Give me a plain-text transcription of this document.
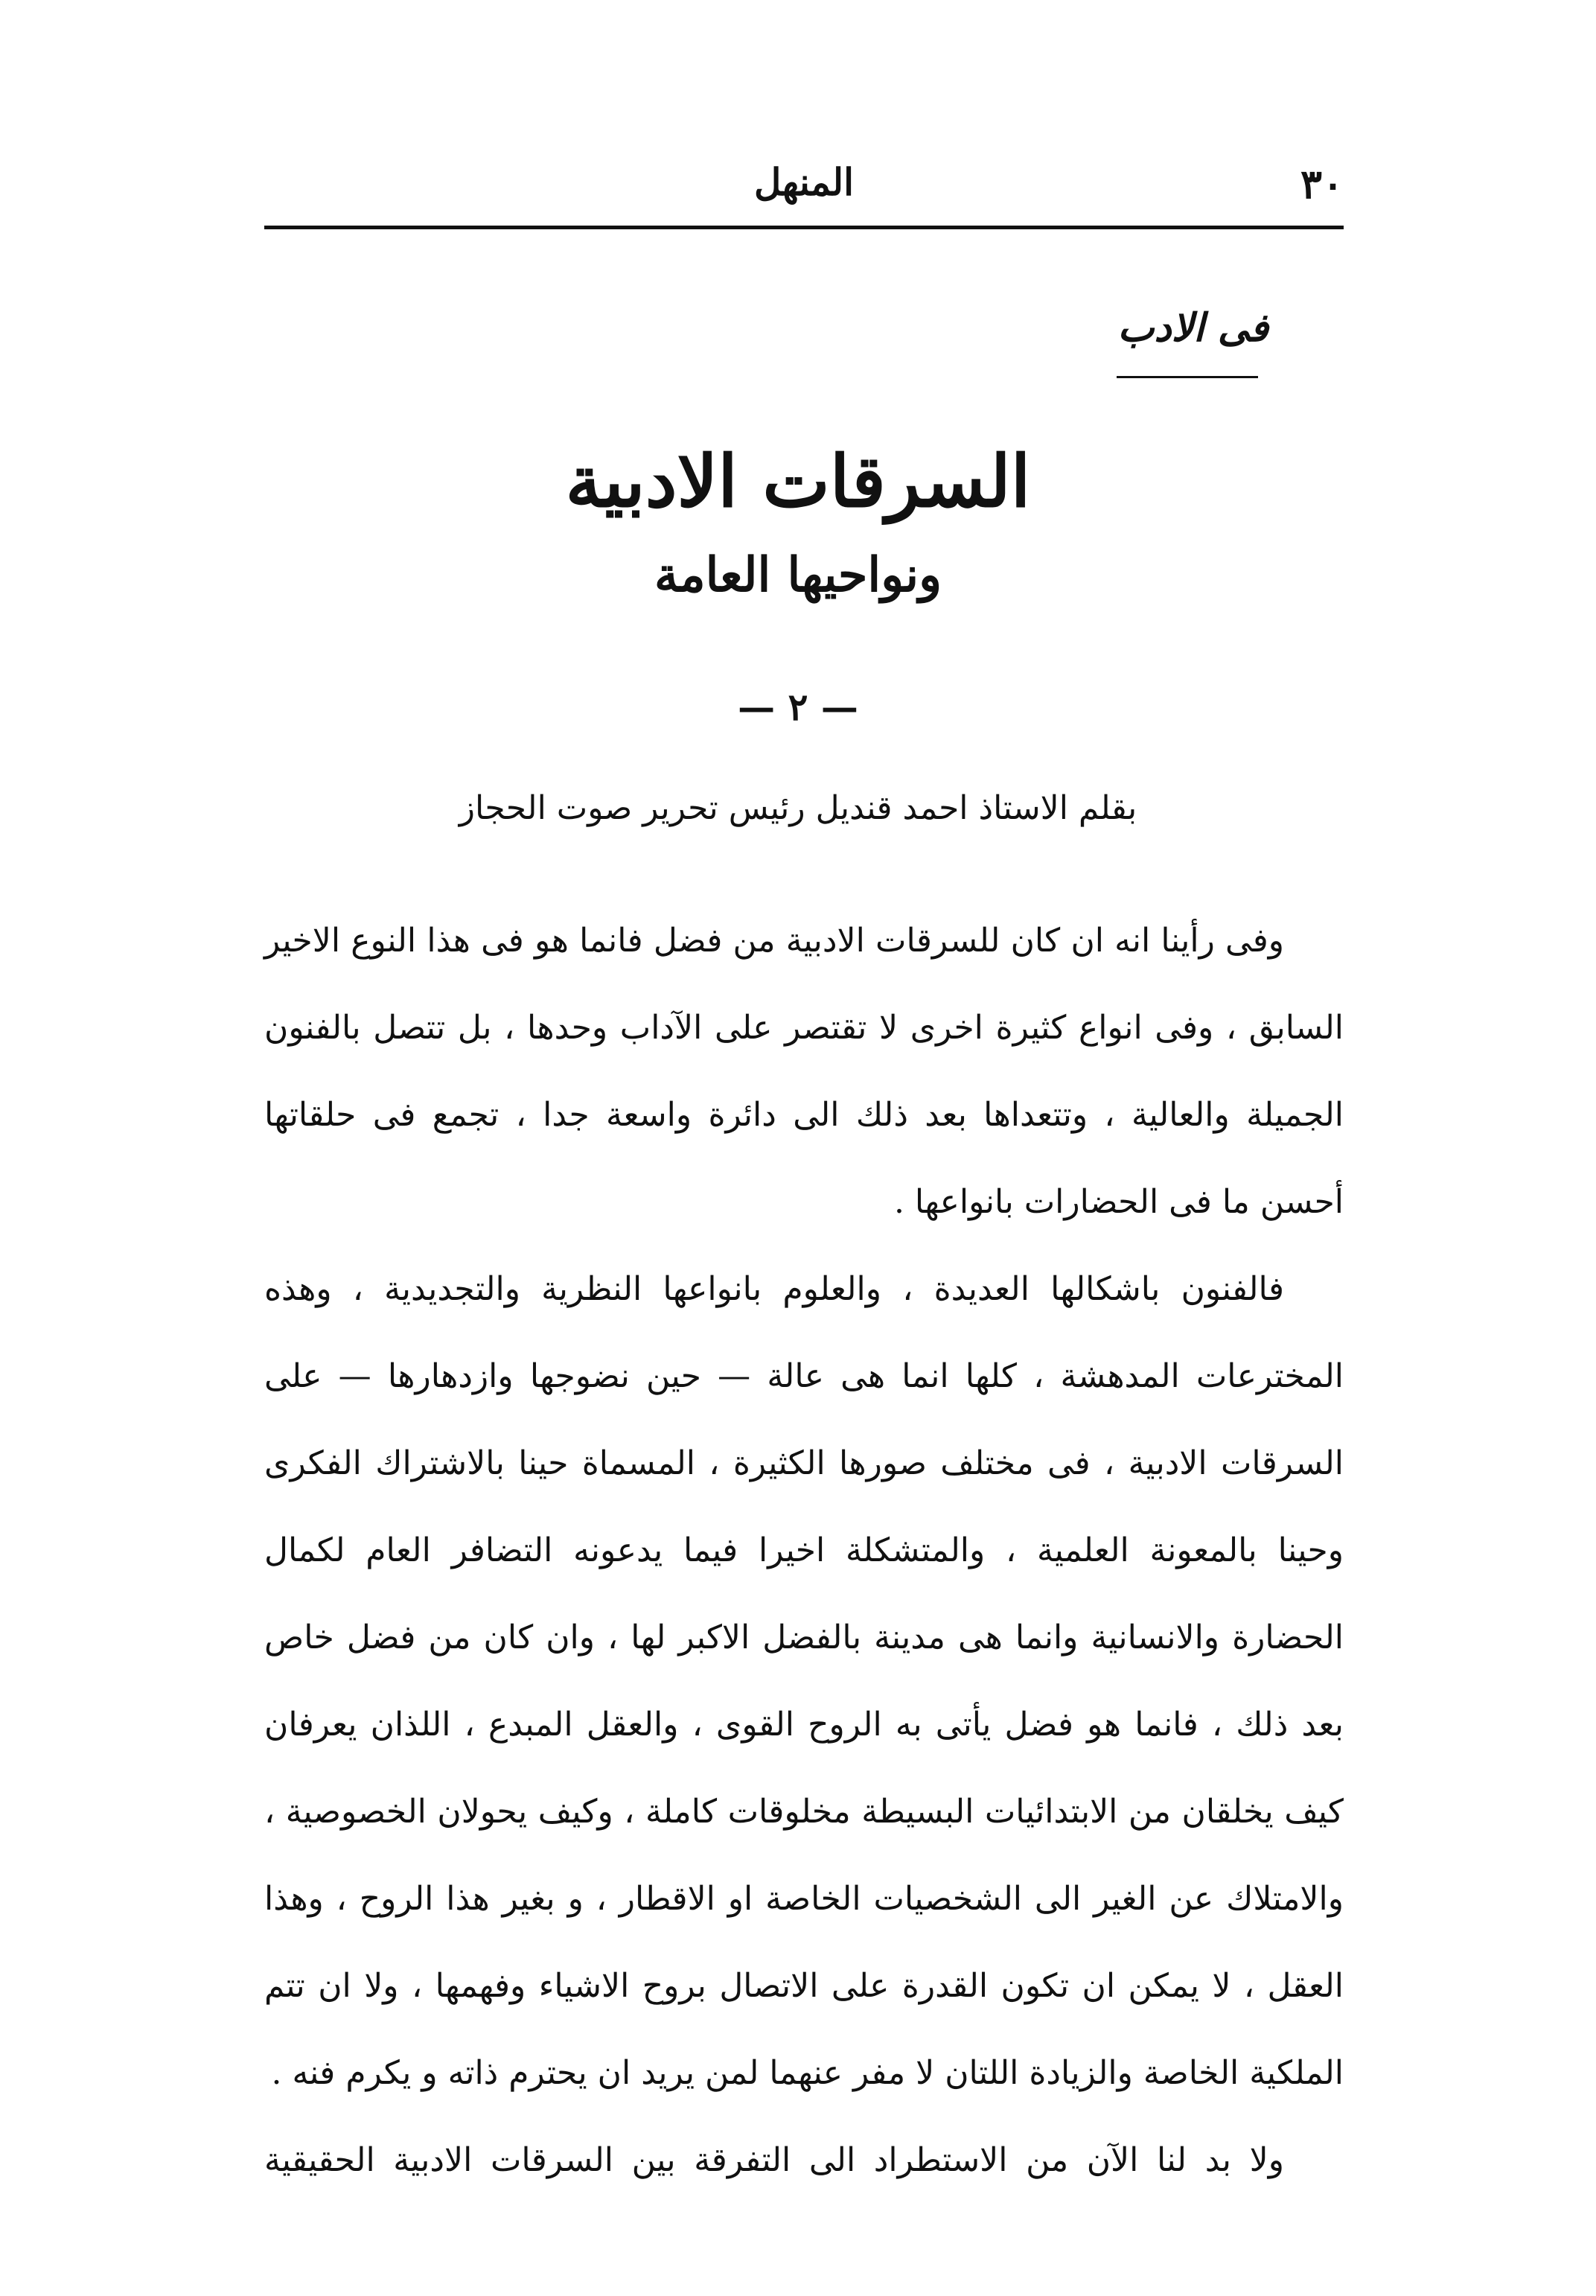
٣٠
المنهل
فى الادب
السرقات الادبية
ونواحيها العامة
— ٢ —
بقلم الاستاذ احمد قنديل رئيس تحرير صوت الحجاز

وفى رأينا انه ان كان للسرقات الادبية من فضل فانما هو فى هذا النوع الاخير السابق ، وفى انواع كثيرة اخرى لا تقتصر على الآداب وحدها ، بل تتصل بالفنون الجميلة والعالية ، وتتعداها بعد ذلك الى دائرة واسعة جدا ، تجمع فى حلقاتها أحسن ما فى الحضارات بانواعها .

فالفنون باشكالها العديدة ، والعلوم بانواعها النظرية والتجديدية ، وهذه المخترعات المدهشة ، كلها انما هى عالة — حين نضوجها وازدهارها — على السرقات الادبية ، فى مختلف صورها الكثيرة ، المسماة حينا بالاشتراك الفكرى وحينا بالمعونة العلمية ، والمتشكلة اخيرا فيما يدعونه التضافر العام لكمال الحضارة والانسانية وانما هى مدينة بالفضل الاكبر لها ، وان كان من فضل خاص بعد ذلك ، فانما هو فضل يأتى به الروح القوى ، والعقل المبدع ، اللذان يعرفان كيف يخلقان من الابتدائيات البسيطة مخلوقات كاملة ، وكيف يحولان الخصوصية ، والامتلاك عن الغير الى الشخصيات الخاصة او الاقطار ، و بغير هذا الروح ، وهذا العقل ، لا يمكن ان تكون القدرة على الاتصال بروح الاشياء وفهمها ، ولا ان تتم الملكية الخاصة والزيادة اللتان لا مفر عنهما لمن يريد ان يحترم ذاته و يكرم فنه .

ولا بد لنا الآن من الاستطراد الى التفرقة بين السرقات الادبية الحقيقية
